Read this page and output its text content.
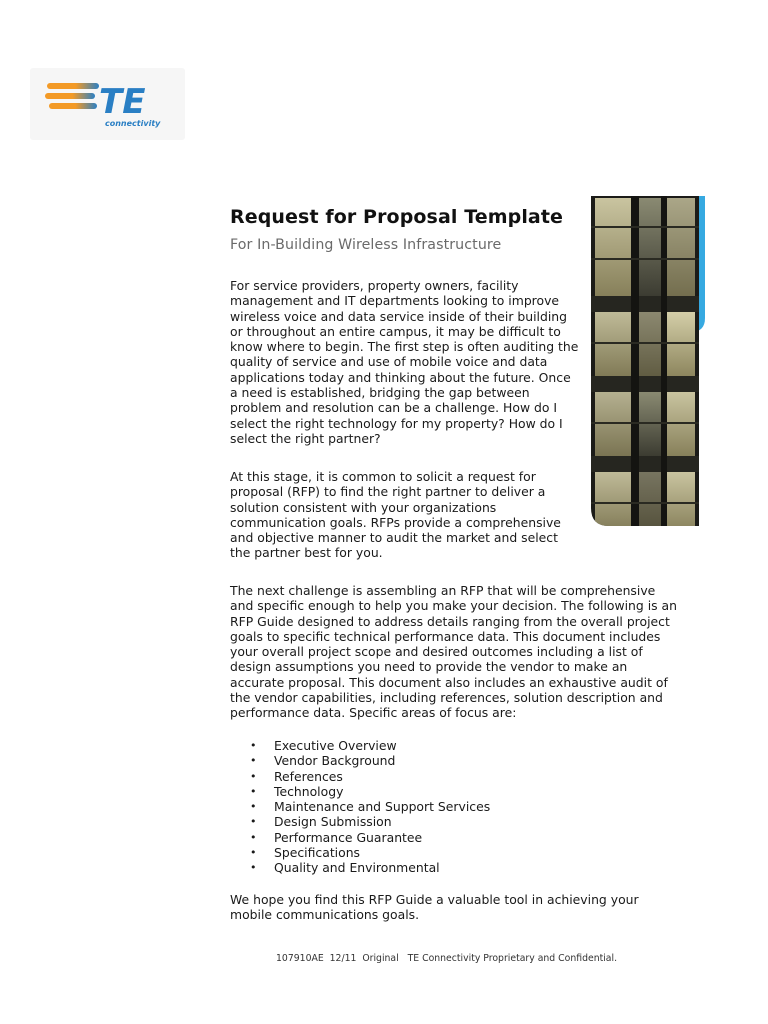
TE
connectivity
Request for Proposal Template

For In-Building Wireless Infrastructure

For service providers, property owners, facility management and IT departments looking to improve wireless voice and data service inside of their building or throughout an entire campus, it may be difficult to know where to begin. The first step is often auditing the quality of service and use of mobile voice and data applications today and thinking about the future. Once a need is established, bridging the gap between problem and resolution can be a challenge. How do I select the right technology for my property? How do I select the right partner?

At this stage, it is common to solicit a request for proposal (RFP) to find the right partner to deliver a solution consistent with your organizations communication goals. RFPs provide a comprehensive and objective manner to audit the market and select the partner best for you.

The next challenge is assembling an RFP that will be comprehensive and specific enough to help you make your decision. The following is an RFP Guide designed to address details ranging from the overall project goals to specific technical performance data. This document includes your overall project scope and desired outcomes including a list of design assumptions you need to provide the vendor to make an accurate proposal. This document also includes an exhaustive audit of the vendor capabilities, including references, solution description and performance data. Specific areas of focus are:

• Executive Overview
• Vendor Background
• References
• Technology
• Maintenance and Support Services
• Design Submission
• Performance Guarantee
• Specifications
• Quality and Environmental

We hope you find this RFP Guide a valuable tool in achieving your mobile communications goals.

107910AE  12/11  Original   TE Connectivity Proprietary and Confidential.
